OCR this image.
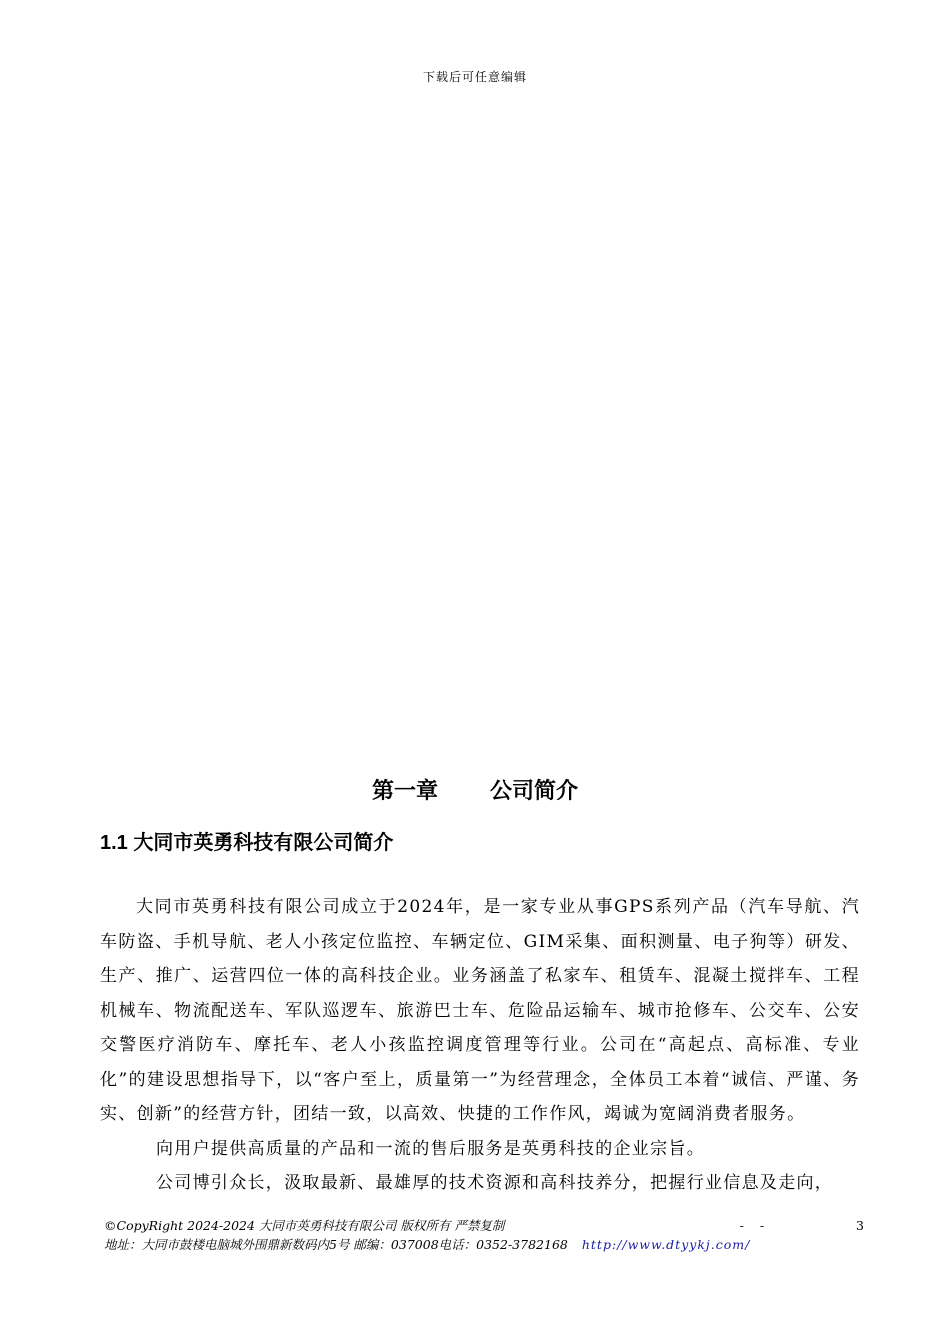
下载后可任意编辑
第一章 公司简介
1.1 大同市英勇科技有限公司简介

大同市英勇科技有限公司成立于2024年，是一家专业从事GPS系列产品（汽车导航、汽车防盗、手机导航、老人小孩定位监控、车辆定位、GIM采集、面积测量、电子狗等）研发、生产、推广、运营四位一体的高科技企业。业务涵盖了私家车、租赁车、混凝土搅拌车、工程机械车、物流配送车、军队巡逻车、旅游巴士车、危险品运输车、城市抢修车、公交车、公安交警医疗消防车、摩托车、老人小孩监控调度管理等行业。公司在“高起点、高标准、专业化”的建设思想指导下，以“客户至上，质量第一”为经营理念，全体员工本着“诚信、严谨、务实、创新”的经营方针，团结一致，以高效、快捷的工作作风，竭诚为宽阔消费者服务。

向用户提供高质量的产品和一流的售后服务是英勇科技的企业宗旨。

公司博引众长，汲取最新、最雄厚的技术资源和高科技养分，把握行业信息及走向，

©CopyRight 2024-2024 大同市英勇科技有限公司 版权所有 严禁复制	- -	3
地址：大同市鼓楼电脑城外围鼎新数码内5号 邮编：037008电话：0352-3782168 http://www.dtyykj.com/
